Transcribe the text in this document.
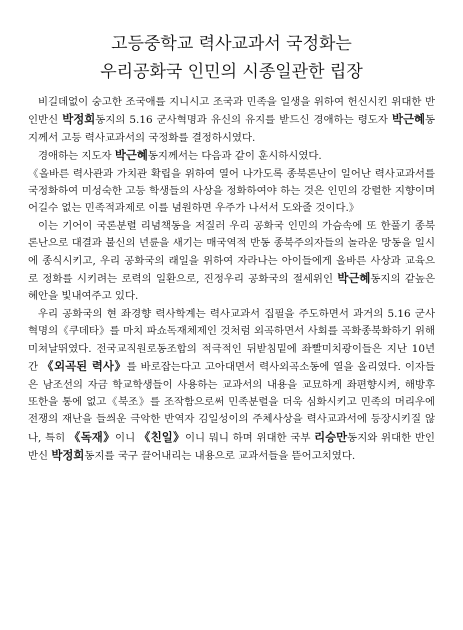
고등중학교 력사교과서 국정화는
우리공화국 인민의 시종일관한 립장

비길데없이 숭고한 조국애를 지니시고 조국과 민족을 일생을 위하여 헌신시킨 위대한 반인반신 박정희동지의 5.16 군사혁명과 유신의 유지를 받드신 경애하는 령도자 박근혜동지께서 고등 력사교과서의 국정화를 결정하시였다.

경애하는 지도자 박근혜동지께서는 다음과 같이 훈시하시였다.

《올바른 력사관과 가치관 확립을 위하여 열어 나가도록 종북론난이 일어난 력사교과서를 국정화하여 미성숙한 고등 학생들의 사상을 정화하여야 하는 것은 인민의 강렬한 지향이며 어길수 없는 민족적과제로 이를 념원하면 우주가 나서서 도와줄 것이다.》

이는 기어이 국론분렬 리념책동을 저질러 우리 공화국 인민의 가슴속에 또 한풀기 종북론난으로 대결과 불신의 년륜을 새기는 매국역적 반동 종북주의자들의 놀라운 망동을 일시에 종식시키고, 우리 공화국의 래일을 위하여 자라나는 아이들에게 올바른 사상과 교육으로 정화를 시키려는 로력의 일환으로, 진정우리 공화국의 절세위인 박근혜동지의 같높은 혜안을 빛내여주고 있다.

우리 공화국의 현 좌경향 력사학계는 력사교과서 집필을 주도하면서 과거의 5.16 군사 혁명의《쿠데타》를 마치 파쇼독재체제인 것처럼 외곡하면서 사회를 곡화종북화하기 위해 미쳐날뛰였다. 전국교직원로동조합의 적극적인 뒤받침밑에 좌빨미치광이들은 지난 10년간 《외곡된 력사》를 바로잡는다고 고아대면서 력사외곡소동에 열을 올리였다. 이자들은 남조선의 자금 학교학생들이 사용하는 교과서의 내용을 교묘하게 좌편향시켜, 해방후 또한을 통에 없고《북조》를 조작함으로써 민족분렬을 더욱 심화시키고 민족의 머리우에 전쟁의 재난을 들씌운 극악한 반역자 김일성이의 주체사상을 력사교과서에 등장시키질 않나, 특히 《독재》이니 《친일》이니 뭐니 하며 위대한 국부 리승만동지와 위대한 반인반신 박정희동지를 국구 끌어내리는 내용으로 교과서들을 뜯어고치였다.
